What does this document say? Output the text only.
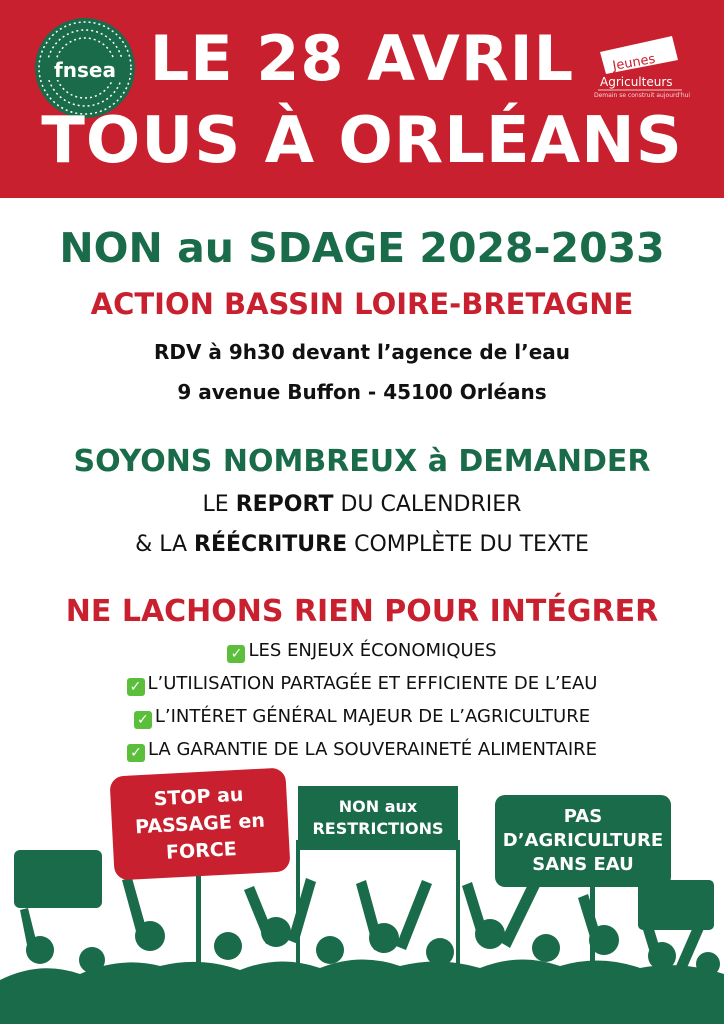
fnsea LE 28 AVRIL
TOUS À ORLÉANS
Jeunes
Agriculteurs
Demain se construit aujourd'hui
NON au SDAGE 2028-2033
ACTION BASSIN LOIRE-BRETAGNE
RDV à 9h30 devant l’agence de l’eau
9 avenue Buffon - 45100 Orléans
SOYONS NOMBREUX à DEMANDER
LE REPORT DU CALENDRIER
& LA RÉÉCRITURE COMPLÈTE DU TEXTE
NE LACHONS RIEN POUR INTÉGRER
✓ LES ENJEUX ÉCONOMIQUES
✓ L’UTILISATION PARTAGÉE ET EFFICIENTE DE L’EAU
✓ L’INTÉRET GÉNÉRAL MAJEUR DE L’AGRICULTURE
✓ LA GARANTIE DE LA SOUVERAINETÉ ALIMENTAIRE
STOP au
PASSAGE en
FORCE
NON aux
RESTRICTIONS
PAS
D’AGRICULTURE
SANS EAU
